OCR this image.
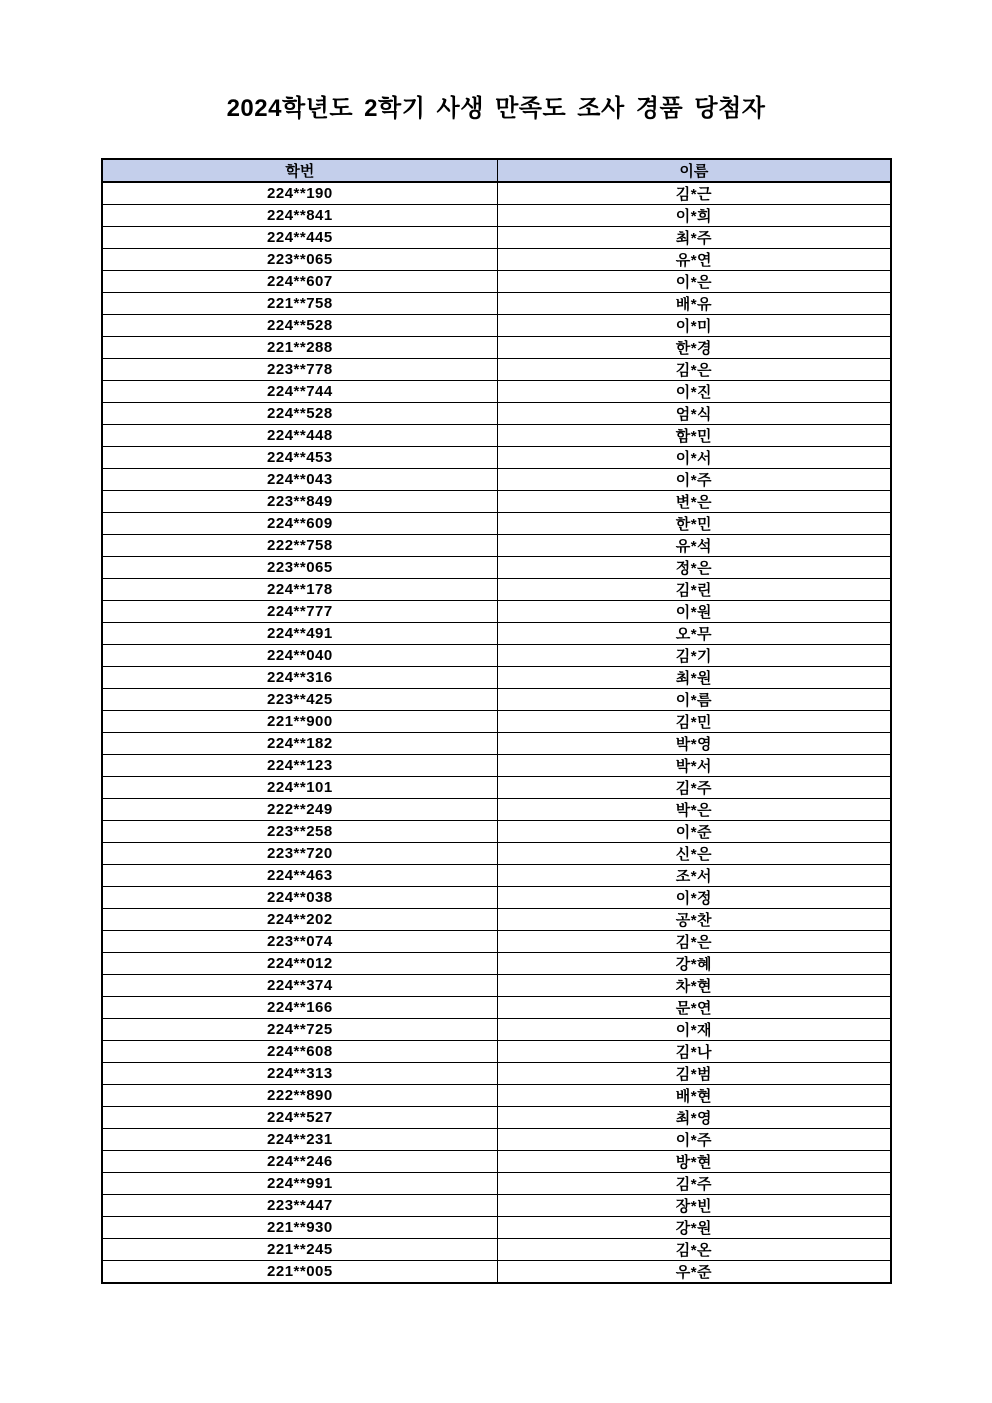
2024학년도 2학기 사생 만족도 조사 경품 당첨자
학번	이름
224**190	김*근
224**841	이*희
224**445	최*주
223**065	유*연
224**607	이*은
221**758	배*유
224**528	이*미
221**288	한*경
223**778	김*은
224**744	이*진
224**528	엄*식
224**448	함*민
224**453	이*서
224**043	이*주
223**849	변*은
224**609	한*민
222**758	유*석
223**065	정*은
224**178	김*린
224**777	이*원
224**491	오*무
224**040	김*기
224**316	최*원
223**425	이*름
221**900	김*민
224**182	박*영
224**123	박*서
224**101	김*주
222**249	박*은
223**258	이*준
223**720	신*은
224**463	조*서
224**038	이*정
224**202	공*찬
223**074	김*은
224**012	강*혜
224**374	차*현
224**166	문*연
224**725	이*재
224**608	김*나
224**313	김*범
222**890	배*현
224**527	최*영
224**231	이*주
224**246	방*현
224**991	김*주
223**447	장*빈
221**930	강*원
221**245	김*온
221**005	우*준
